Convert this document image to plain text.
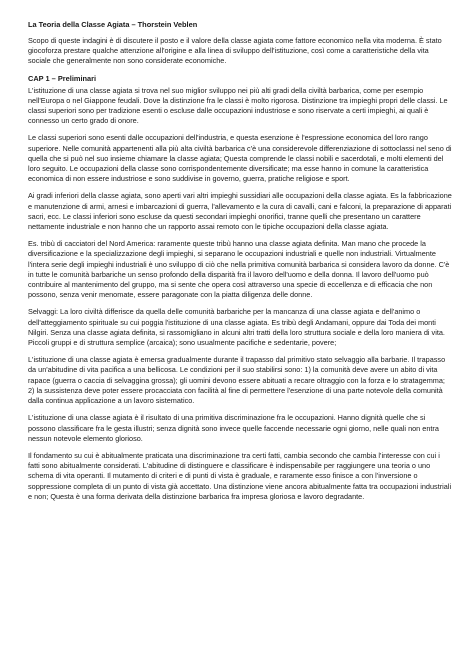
La Teoria della Classe Agiata – Thorstein Veblen

Scopo di queste indagini è di discutere il posto e il valore della classe agiata come fattore economico nella vita moderna. È stato giocoforza prestare qualche attenzione all'origine e alla linea di sviluppo dell'istituzione, così come a caratteristiche della vita sociale che generalmente non sono considerate economiche.

CAP 1 – Preliminari

L'istituzione di una classe agiata si trova nel suo miglior sviluppo nei più alti gradi della civiltà barbarica, come per esempio nell'Europa o nel Giappone feudali. Dove la distinzione fra le classi è molto rigorosa. Distinzione tra impieghi propri delle classi. Le classi superiori sono per tradizione esenti o escluse dalle occupazioni industriose e sono riservate a certi impieghi, ai quali è connesso un certo grado di onore.

Le classi superiori sono esenti dalle occupazioni dell'industria, e questa esenzione è l'espressione economica del loro rango superiore. Nelle comunità appartenenti alla più alta civiltà barbarica c'è una considerevole differenziazione di sottoclassi nel seno di quella che si può nel suo insieme chiamare la classe agiata; Questa comprende le classi nobili e sacerdotali, e molti elementi del loro seguito. Le occupazioni della classe sono corrispondentemente diversificate; ma esse hanno in comune la caratteristica economica di non essere industriose e sono suddivise in governo, guerra, pratiche religiose e sport.

Ai gradi inferiori della classe agiata, sono aperti vari altri impieghi sussidiari alle occupazioni della classe agiata. Es la fabbricazione e manutenzione di armi, arnesi e imbarcazioni di guerra, l'allevamento e la cura di cavalli, cani e falconi, la preparazione di apparati sacri, ecc. Le classi inferiori sono escluse da questi secondari impieghi onorifici, tranne quelli che presentano un carattere nettamente industriale e non hanno che un rapporto assai remoto con le tipiche occupazioni della classe agiata.

Es. tribù di cacciatori del Nord America: raramente queste tribù hanno una classe agiata definita. Man mano che procede la diversificazione e la specializzazione degli impieghi, si separano le occupazioni industriali e quelle non industriali. Virtualmente l'intera serie degli impieghi industriali è uno sviluppo di ciò che nella primitiva comunità barbarica si considera lavoro da donne. C'è in tutte le comunità barbariche un senso profondo della disparità fra il lavoro dell'uomo e della donna. Il lavoro dell'uomo può contribuire al mantenimento del gruppo, ma si sente che opera così attraverso una specie di eccellenza e di efficacia che non possono, senza venir menomate, essere paragonate con la piatta diligenza delle donne.

Selvaggi: La loro civiltà differisce da quella delle comunità barbariche per la mancanza di una classe agiata e dell'animo o dell'atteggiamento spirituale su cui poggia l'istituzione di una classe agiata. Es tribù degli Andamani, oppure dai Toda dei monti Nilgiri. Senza una classe agiata definita, si rassomigliano in alcuni altri tratti della loro struttura sociale e della loro maniera di vita. Piccoli gruppi e di struttura semplice (arcaica); sono usualmente pacifiche e sedentarie, povere;

L'istituzione di una classe agiata è emersa gradualmente durante il trapasso dal primitivo stato selvaggio alla barbarie. Il trapasso da un'abitudine di vita pacifica a una bellicosa. Le condizioni per il suo stabilirsi sono: 1) la comunità deve avere un abito di vita rapace (guerra o caccia di selvaggina grossa); gli uomini devono essere abituati a recare oltraggio con la forza e lo stratagemma; 2) la sussistenza deve poter essere procacciata con facilità al fine di permettere l'esenzione di una parte notevole della comunità dalla continua applicazione a un lavoro sistematico.

L'istituzione di una classe agiata è il risultato di una primitiva discriminazione fra le occupazioni. Hanno dignità quelle che si possono classificare fra le gesta illustri; senza dignità sono invece quelle faccende necessarie ogni giorno, nelle quali non entra nessun notevole elemento glorioso.

Il fondamento su cui è abitualmente praticata una discriminazione tra certi fatti, cambia secondo che cambia l'interesse con cui i fatti sono abitualmente considerati. L'abitudine di distinguere e classificare è indispensabile per raggiungere una teoria o uno schema di vita operanti. Il mutamento di criteri e di punti di vista è graduale, e raramente esso finisce a con l'inversione o soppressione completa di un punto di vista già accettato. Una distinzione viene ancora abitualmente fatta tra occupazioni industriali e non; Questa è una forma derivata della distinzione barbarica fra impresa gloriosa e lavoro degradante.
